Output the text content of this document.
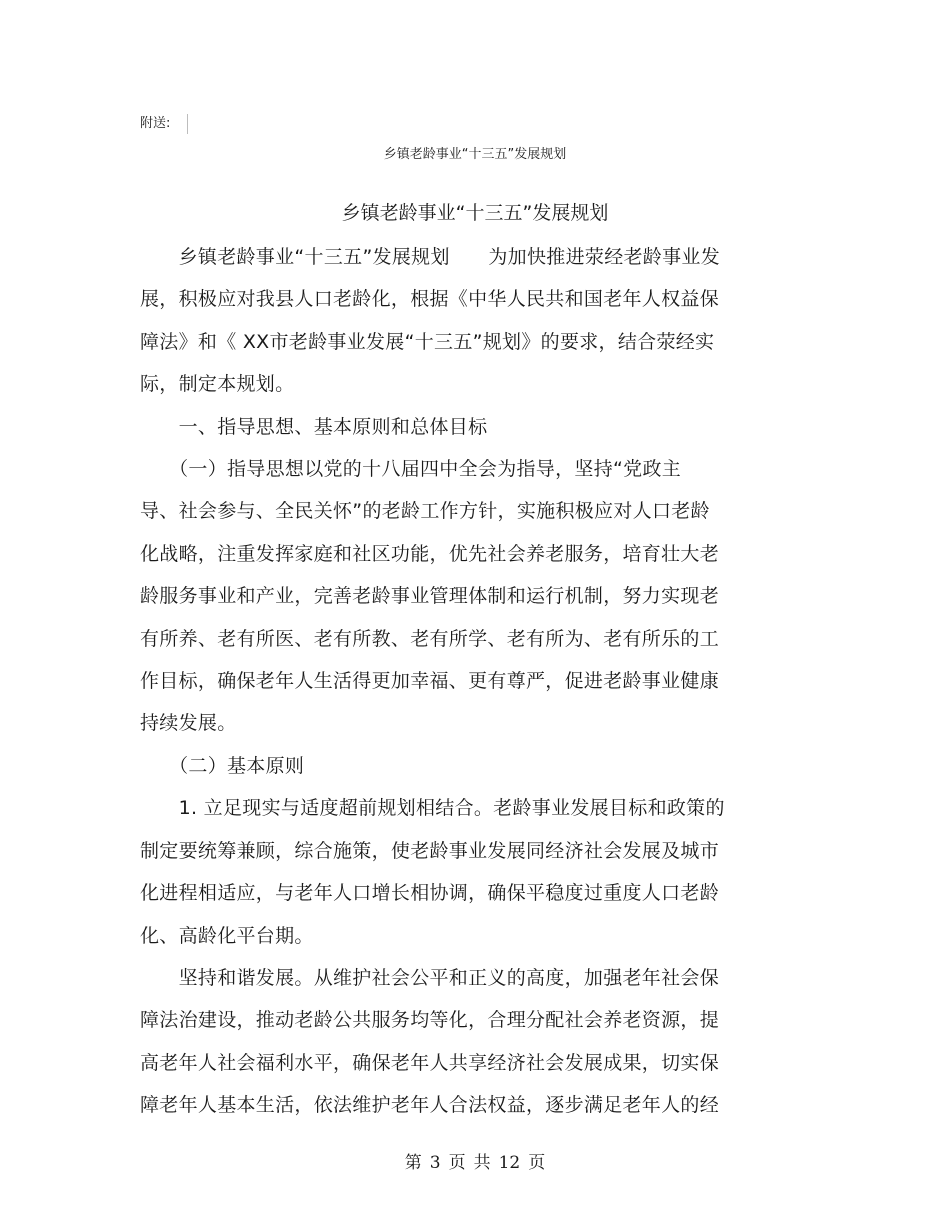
附送:
乡镇老龄事业“十三五”发展规划
乡镇老龄事业“十三五”发展规划

　　乡镇老龄事业“十三五”发展规划　　为加快推进荥经老龄事业发
展，积极应对我县人口老龄化，根据《中华人民共和国老年人权益保
障法》和《 XX市老龄事业发展“十三五”规划》的要求，结合荥经实
际，制定本规划。

　　一、指导思想、基本原则和总体目标

　　（一）指导思想以党的十八届四中全会为指导，坚持“党政主
导、社会参与、全民关怀”的老龄工作方针，实施积极应对人口老龄
化战略，注重发挥家庭和社区功能，优先社会养老服务，培育壮大老
龄服务事业和产业，完善老龄事业管理体制和运行机制，努力实现老
有所养、老有所医、老有所教、老有所学、老有所为、老有所乐的工
作目标，确保老年人生活得更加幸福、更有尊严，促进老龄事业健康
持续发展。

　　（二）基本原则

　　1. 立足现实与适度超前规划相结合。老龄事业发展目标和政策的
制定要统筹兼顾，综合施策，使老龄事业发展同经济社会发展及城市
化进程相适应，与老年人口增长相协调，确保平稳度过重度人口老龄
化、高龄化平台期。

　　坚持和谐发展。从维护社会公平和正义的高度，加强老年社会保
障法治建设，推动老龄公共服务均等化，合理分配社会养老资源，提
高老年人社会福利水平，确保老年人共享经济社会发展成果，切实保
障老年人基本生活，依法维护老年人合法权益，逐步满足老年人的经

第 3 页 共 12 页
